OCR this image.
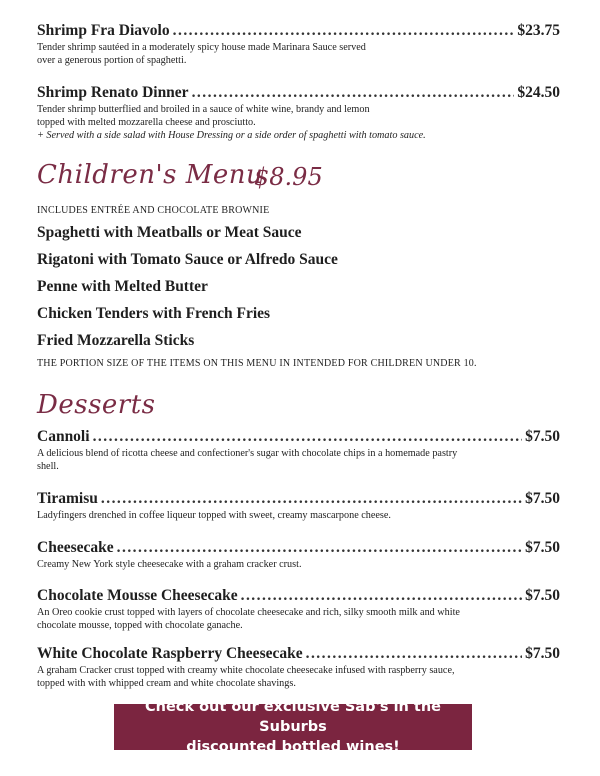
Shrimp Fra Diavolo . . .	$23.75
Tender shrimp sautéed in a moderately spicy house made Marinara Sauce served
over a generous portion of spaghetti.
Shrimp Renato Dinner . . .	$24.50
Tender shrimp butterflied and broiled in a sauce of white wine, brandy and lemon
topped with melted mozzarella cheese and prosciutto.
+ Served with a side salad with House Dressing or a side order of spaghetti with tomato sauce.
Children's Menu
$8.95
INCLUDES ENTRÉE AND CHOCOLATE BROWNIE
Spaghetti with Meatballs or Meat Sauce
Rigatoni with Tomato Sauce or Alfredo Sauce
Penne with Melted Butter
Chicken Tenders with French Fries
Fried Mozzarella Sticks
THE PORTION SIZE OF THE ITEMS ON THIS MENU IN INTENDED FOR CHILDREN UNDER 10.
Desserts
Cannoli . . .	$7.50
A delicious blend of ricotta cheese and confectioner's sugar with chocolate chips in a homemade pastry
shell.
Tiramisu . . .	$7.50
Ladyfingers drenched in coffee liqueur topped with sweet, creamy mascarpone cheese.
Cheesecake . . .	$7.50
Creamy New York style cheesecake with a graham cracker crust.
Chocolate Mousse Cheesecake . . .	$7.50
An Oreo cookie crust topped with layers of chocolate cheesecake and rich, silky smooth milk and white
chocolate mousse, topped with chocolate ganache.
White Chocolate Raspberry Cheesecake . . .	$7.50
A graham Cracker crust topped with creamy white chocolate cheesecake infused with raspberry sauce,
topped with with whipped cream and white chocolate shavings.
Check out our exclusive Sab's in the Suburbs
discounted bottled wines!
